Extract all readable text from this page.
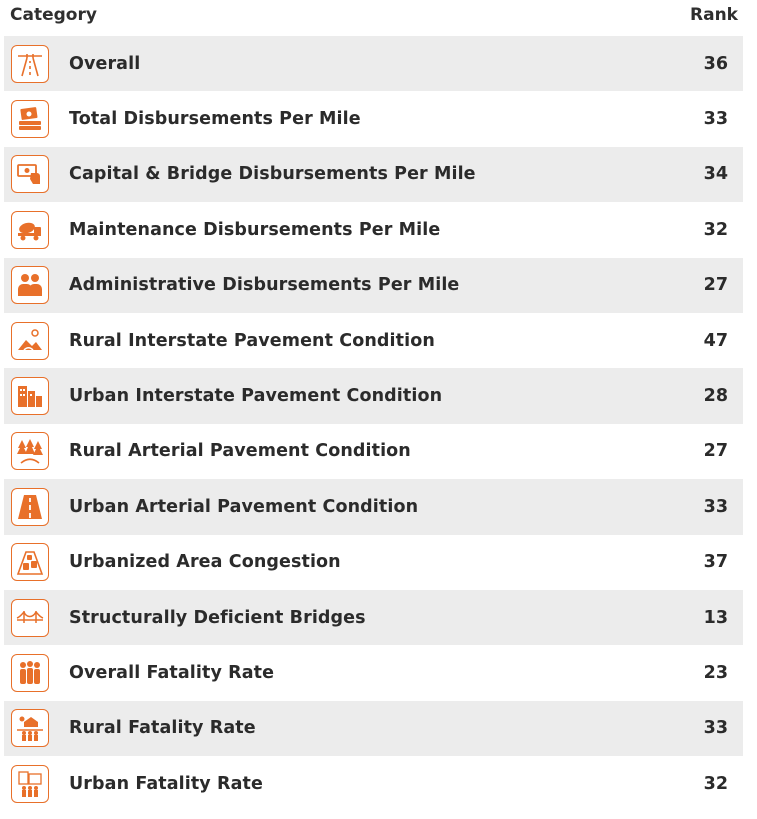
Category	Rank
Overall	36
Total Disbursements Per Mile	33
Capital & Bridge Disbursements Per Mile	34
Maintenance Disbursements Per Mile	32
Administrative Disbursements Per Mile	27
Rural Interstate Pavement Condition	47
Urban Interstate Pavement Condition	28
Rural Arterial Pavement Condition	27
Urban Arterial Pavement Condition	33
Urbanized Area Congestion	37
Structurally Deficient Bridges	13
Overall Fatality Rate	23
Rural Fatality Rate	33
Urban Fatality Rate	32
